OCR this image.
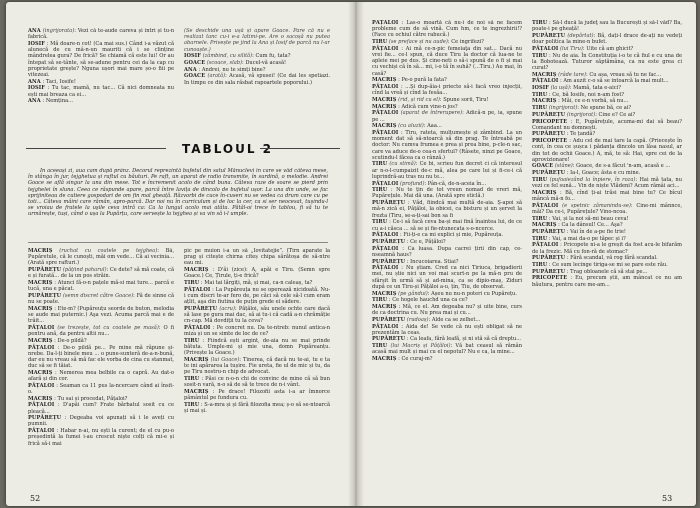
ANA (ingrijorata): Vezi că te-aude careva și intri și tu-n fabrică.

IOSIF : Mă doare-n cot! (Ca mai sus.) Când i-a văzut că alunecă de cu mâ-n-un mauriti că i se clinține mândrelea gura? De frică? Se chiamă că este lui! Or au întepat să se-tânte, să se-adune pentru cei da la cap cu proprietate grește? Nguna ușori mai mare șo-o fiii pe vitezeai.

ANA : Taci, Iosife!

IOSIF : Tu tac, mamă, nu tac... Că nici domneata nu ești mai breaza ca ei...

ANA : Nemțina...

(Se deschide una ușă și apare Goace. Pare că nu e realizat tanc cu-i e-a latimi-pe. Are o sacoșă nu putea abarnele. Privește pe jind la Ana și Iosif de parcă nu l-ar cunoaște.)

IOSIF (zâmbind, cu silită): Cum fu, tata?

GOACE (scoace, slab): Ducel-vă acasă!

ANA : Andrei, nu te simți bine?

GOACE (arată): Acasă, vă spusei! (Ce dai les spetiazi. In timpu ce din sala răsbat rapoartele poporului.)

TABLOUL 2
In aceeași zi, aua cam după prânz. Decorul reprezintă bufetul din satul Mănuclevi în care se văd câteva mese, în stânga în jur, tejghetua și raftul cu băuturi. Pe raft, un aparat de radio transmite, în surdină, o melodie. Andrei Goace se află singur la una din mese. Tot e încremenit acolo de când buna. Câteva raze de soare se pierd prin tejghelei în sluna. Ceea ce răspunde apare, parcă între lavița de dincolo de bufetul ușor. La una din unde, se fac sprijiniteau de cutiere gospodari de om fin mal gheață. Răzvorbi de cuce în-cuseri nu se vedea ca drum care cu pe toti... Câteva mâini care rămân, apro-parcă. Dar noi nu în curriculum și de loc la cer, ca si ser neocesat, tușindu-l se vroiau de fratele la uşile ceva intră ca: Ca la lungul acolo mai atâta. Pătăl-oi trece în tablou, fi să tu te urmărește, tuși, când o ușa la Pupărțu, care servește la tejghea și va vin să i-l umple.

MACRIȘ (ruchat cu coatele pe tejghea): Bă, Pupăretule, că le cunoști, măi om vede... Că ai vecinia... (Arată spre rafturi.)

PUPĂREȚU (pățiind paharul): Ce dete? să mă coate, că e și furată... de la un pos străin.

MACRIȘ : Atunci fă-o-n pațele mă-si mai ture... parcă e tucă, una e păcat.

PUPĂREȚU (semn discret către Goace): Fă de sinne că nu se poate.

MACRIȘ : Ete-m? (Pupăreuțu seorde de buton, melodia se aude mai puternic.) Aşa vezi. Acuma parcă mai e de trăit...

PĂȚALOI (se trezește, tot cu coatele pe masă): O fi pentru ană, da pentru altii nu...

MACRIȘ : De-o pildă?

PĂȚALOI : De-o pildă pe... Pe mine mă răpune și-nrebe. Da-l-ți binele meu ... o pune-sunteră de-a-n-bună, dar eu nu vreau să mă fac ele vorba de cina cu stanmat, duc să se fi tăiat.

MACRIȘ : Nemerea mea belbile ca o capră. Au dat-o afară și din cor.

PĂȚALOI : Seaman ca 11 pus la-ncercare când ai însit-o.

MACRIȘ : Tu sai și procedat, Pățaloi?

PĂȚALOI : D'apăi cum? Frate bărbatul sosit cu ce pleacă...

PUPĂREȚU : Degeaba voi apunați să i le aveți cu pumnii.

PĂȚALOI : Habar n-ai, nu ești la curent; de el cu pu-o președintă la fumei i-au crescut niște colți că mi-e și frică să-i mai

pic pe muion i-a un să „Iovitatejie”. (Tirn aparate la prag și citește chirna citeș chipa sărătoșa de să-ntre eau mi.

MACRIȘ : D'ăi (zice): A, apăi e Tiru. (Semn spre Goace.) Ce, Țirule, ți-e frică?

TIRU : Mai tai lărgiți, mă, și mai, ca-n caleaș, ta?

PĂȚALOI : La Pupăreuța nu se operează nicidoată. Nu-i cum discri te-ar fero de, pe căci să cele să-l cum eram ațlit, aşa din fiutina de puțin grede ei sădere.

PUPĂREȚU (acru): Pățăloi, său unele ochte care dacă să lase pe gura mai dac, să ai tu-i că cadă a-n chrămăție cn-cap. Mă dovdiții tu la ceva?

PĂȚALOI : Pe concret nu. Da te-ntreb: nunul antica-n miza și un se simte de loc de ce?

TIRU : Fiindcă ești argint, de-aia nu se mai prinde bătuta. Umple-mi și mie una, domn Pupăreanțu. (Privește la Goace.)

MACRIȘ (lui Goace): Tinerea, că dacă nu te-ai, tu e ta te ini apărarea la tușire. Fie ureta, fie ul de mic și tu, da pe Tiru nostru-n chip de advocat.

TIRU : Păsi ce n-o-n chi de convinc de mine că să bun sosit-n vară, n-o să de să te trece de n-i vânt.

MACRIȘ : Pe drace! Filozofii asta i-a ar îmnorce pământul pe fundura cu.

TIRU : S-a-mra și și fără filozofia mea; ș-o să se-ntoarcă și mai și.

52

PĂȚALOI : Las-o moartă că nu-i de noi să ne facem probleme cum de să vină. Cum hm, ce te ingrezhirii!? (Face cu ochiul către rabucă.)

TIRU (se preface și nu aude): Ce ingrifezi?

PĂȚALOI : Ai mă ce-n-pic femeiaţa din sat... Dacă nu vrei fie... ce-l spun, că duce Tiru la doctor că lua-ne te apleie mei pe dus. Și cine-neti o să-i spună de o fi și mai cu vechiși că în să... mi, i-o tă în suhă? (...Tiru.) Au mai, în casă?

MACRIȘ : Pe-o pură la fata?

PĂȚALOI : ...Și dup-ăia-i priecte să-i facă vreo injecții, cînd la vreă și cînd la fesăa...

MACRIȘ (rid, și rid cu el): Spune sorii, Tiru!

MACRIȘ : Adică cum vine-n jos?

PĂȚALOI (aparat de întrerupere): Adică-n pe, ia, spune pe ...

MACRIȘ (cu aluzii): Aaa...

PĂȚALOI : Tiru, rateta, mulțumește și zâmbind. La un moment dat să să-ntoarcă să din prag. Te întreabă pe doctor: Nu cumva frumea e prea și prea bine, p-cle-n sac, care va aduce de-o cea-n sfertul? (Râsete, ninzi pe Goace, scutindu-l făcea ca o rânză.)

TIRU (cu stimă): Ce bi, scrieu fun decret ci că interesul ar n-o-l-cumpaizit de-c mă, alea pe care lui și fi-ce-i că luprindră-au tras nu nu te...

PĂȚALOI (profund): Pân-că, de-n-aceia în...

TIRU : Nu te țin de tot vreun nomad de vreri mă, Pupărețule. Mai dă una. (Arată spre sticlă.)

PUPĂREȚU : Văd, fiindcă mai multă de-aia. Ș-apoi să mă-n zică ei, Pățăloi, la obicei, ca bisturu și un șervet la frezta (Tiru, se-a-ți-sai bon sa fi

TIRU : Ce-i să facă ceva ba-și mai fină înaintea lui, de ce cu a-i căsca ... să se și fie-ntunecata s-o-ncerce.

PĂȚALOI : Fii-ți-e ca mi explici și mie, Pupăreuța.

PUPĂREȚU : Ce e, Pățăloi?

PĂȚALOI : Ca luasa. Dupa cacrei țirii din cap, ce-nseamnă haus?

PUPĂREȚU : Incucoiarea. Stiai?

PĂȚALOI : Nu știam. Cred ca nici Tiriuca, brigadierii mei, nu știe nici un voi mai scurt-n pe la mă-n pru de sfârșit în urmă să și ad-mina, ca se dipio-maș, Ziduri după ce un Tiru-și Pățăloi a-u, țin, Tiu, de observat.

MACRIȘ (pe gândui): Așeu nu nu-n poteri cu Pupărețu.

TIRU : Ce hogele hauchd una ca ce?

MACRIȘ : Mă, ce el. Am degeaba nu? și uite bine, curs de ca doctrina cu. Nu prea mai și cu...

PUPĂREȚU (rudoaș): Alde ca se zelhet...

PĂȚALOI : Aida de! Se vede că nu ești obligat să ne prezentăm la ceas.

PUPĂREȚU : Ca leafa, fără leafă, și ni stă să că dreptu...

TIRU (lui Macriș și Pățăloi): Vă bat ceasul să rămân acasă mai mult și mai cu el nepotul? Nu e ca, la mine...

MACRIȘ : Ce curaj-m?

TIRU : Să-l ducă la judeţ sau la București și să-l văd? Ba, poate-i pe gheață!

PUPĂREȚU (depărtat): Bă, dați-l drace de-ați nu vedeți doar politica la mine-n bufet.

PĂȚALOI (lui Tiru): Uite că am ghicit?

TIRU : Nu de aia. În Constituția i-o te că fiul e cu una de la Bobotează. Tuturor săptămâna, ca nu este grea ci curat?

MACRIȘ (râde tare): Cu așa, vreau să tu ne fac...

PĂȚALOI : Am auzit c-o să se intoarcă la mai mult...

IOSIF (la ușă): Mamă, tata e-aici?

TIRU : Ce, bă Iosife, noi n-am fost?

MACRIȘ : Măi, ce e-n vorbă, să nu...

TIRU (ingrijorat): Ne spune bă, ce ai?

PUPĂREȚU (ingrijorat): Cine e? Ce ai?

PRICOPETE : E, Pupărețule, acuma-mi dai să beau? Comandant nu domnești.

PUPĂREȚU : Te țandă?

PRICOPETE : Adu cel de mai tare la capă. (Priecește în cont, în cea ce șușca i pădanța dincolo un lăsa nasul, ar din tot de ochii Goace.) A, mă, te să: Hai, spre cei de la aprovizionare!

GOACE (stâne): Goace, de s-a făcut 'n-am, acasă e ...

PUPĂREȚU : Ia-l, Goace; ăsta e cu mine.

TIRU (pufoaiezând la înpiere, în roza): Hai mă tata, nu vezi ce fel sună... Vin de niște Vlădeni? Acum rămâi aci...

MACRIȘ : Bă, cînd ți-ai trăsi mai bine tu? Ce bîcul mâncă mă-n fo...

PĂȚALOI (e spetnic zămanindu-se): Cine-mi mânnce, măi? Da ce-i, Pupărețule? Vino-ncoa.

TIRU : Vai, și la noi să-mi beau ceva!

MACRIȘ : Ca la dânsul! Ce... Aşa?

PUPĂREȚU : Vai în de a-pe fie trie!

TIRU : Vai, a mai da-o pe tăpec și i?

PĂȚALOI : Pricopete ni-a le greșit da fost acu-le bifarăm de la frezic. Mă cu fon-ră de stomac?

PUPĂREȚU : Fără scandal, vă rog fără scandal.

TIRU : Ce sum lecinge tiriga-se mi se pare este rău.

PUPĂREȚU : Trag obloanele că să stai pe...

PRICOPETE : Eu, precum știi, am mâncat ce nu am băutura, pentru care me-am...

53
